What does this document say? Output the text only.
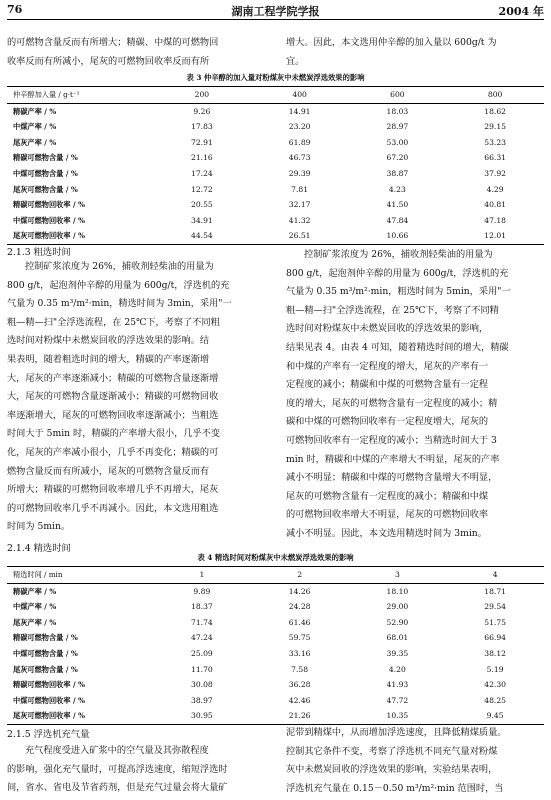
76	湖南工程学院学报	2004 年

的可燃物含量反而有所增大；精碳、中煤的可燃物回

收率反而有所减小，尾灰的可燃物回收率反而有所

增大。因此，本文选用仲辛醇的加入量以 600g/t 为

宜。

表 3 仲辛醇的加入量对粉煤灰中未燃炭浮选效果的影响
仲辛醇加入量 / g·t⁻¹	200	400	600	800
精碳产率 / %	9.26	14.91	18.03	18.62
中煤产率 / %	17.83	23.20	28.97	29.15
尾灰产率 / %	72.91	61.89	53.00	53.23
精碳可燃物含量 / %	21.16	46.73	67.20	66.31
中煤可燃物含量 / %	17.24	29.39	38.87	37.92
尾灰可燃物含量 / %	12.72	7.81	4.23	4.29
精碳可燃物回收率 / %	20.55	32.17	41.50	40.81
中煤可燃物回收率 / %	34.91	41.32	47.84	47.18
尾灰可燃物回收率 / %	44.54	26.51	10.66	12.01
2.1.3 粗选时间

控制矿浆浓度为 26%，捕收剂轻柴油的用量为

800 g/t，起泡剂仲辛醇的用量为 600g/t，浮选机的充

气量为 0.35 m³/m²·min，精选时间为 3min，采用"一

粗—精—扫"全浮选流程，在 25℃下，考察了不同粗

选时间对粉煤中未燃炭回收的浮选效果的影响。结

果表明，随着粗选时间的增大，精碳的产率逐渐增

大，尾灰的产率逐渐减小；精碳的可燃物含量逐渐增

大，尾灰的可燃物含量逐渐减小；精碳的可燃物回收

率逐渐增大，尾灰的可燃物回收率逐渐减小；当粗选

时间大于 5min 时，精碳的产率增大很小，几乎不变

化，尾灰的产率减小很小，几乎不再变化；精碳的可

燃物含量反而有所减小，尾灰的可燃物含量反而有

所增大；精碳的可燃物回收率增几乎不再增大，尾灰

的可燃物回收率几乎不再减小。因此，本文选用粗选

时间为 5min。

2.1.4 精选时间

控制矿浆浓度为 26%，捕收剂轻柴油的用量为

800 g/t，起泡剂仲辛醇的用量为 600g/t，浮选机的充

气量为 0.35 m³/m²·min，粗选时间为 5min，采用"一

粗—精—扫"全浮选流程，在 25℃下，考察了不同精

选时间对粉煤灰中未燃炭回收的浮选效果的影响，

结果见表 4。由表 4 可知，随着精选时间的增大，精碳

和中煤的产率有一定程度的增大，尾灰的产率有一

定程度的减小；精碳和中煤的可燃物含量有一定程

度的增大，尾灰的可燃物含量有一定程度的减小；精

碳和中煤的可燃物回收率有一定程度增大，尾灰的

可燃物回收率有一定程度的减小；当精选时间大于 3

min 时，精碳和中煤的产率增大不明显，尾灰的产率

减小不明显；精碳和中煤的可燃物含量增大不明显，

尾灰的可燃物含量有一定程度的减小；精碳和中煤

的可燃物回收率增大不明显，尾灰的可燃物回收率

减小不明显。因此，本文选用精选时间为 3min。

表 4 精选时间对粉煤灰中未燃炭浮选效果的影响
精选时间 / min	1	2	3	4
精碳产率 / %	9.89	14.26	18.10	18.71
中煤产率 / %	18.37	24.28	29.00	29.54
尾灰产率 / %	71.74	61.46	52.90	51.75
精碳可燃物含量 / %	47.24	59.75	68.01	66.94
中煤可燃物含量 / %	25.09	33.16	39.35	38.12
尾灰可燃物含量 / %	11.70	7.58	4.20	5.19
精碳可燃物回收率 / %	30.08	36.28	41.93	42.30
中煤可燃物回收率 / %	38.97	42.46	47.72	48.25
尾灰可燃物回收率 / %	30.95	21.26	10.35	9.45
2.1.5 浮选机充气量

充气程度受进入矿浆中的空气量及其弥散程度

的影响，强化充气量时，可提高浮选速度，缩短浮选时

间，省水、省电及节省药剂，但是充气过量会将大量矿

泥带到精煤中，从而增加浮选速度，且降低精煤质量。

控制其它条件不变，考察了浮选机不同充气量对粉煤

灰中未燃炭回收的浮选效果的影响，实验结果表明，

浮选机充气量在 0.15－0.50 m³/m²·min 范围时，当
